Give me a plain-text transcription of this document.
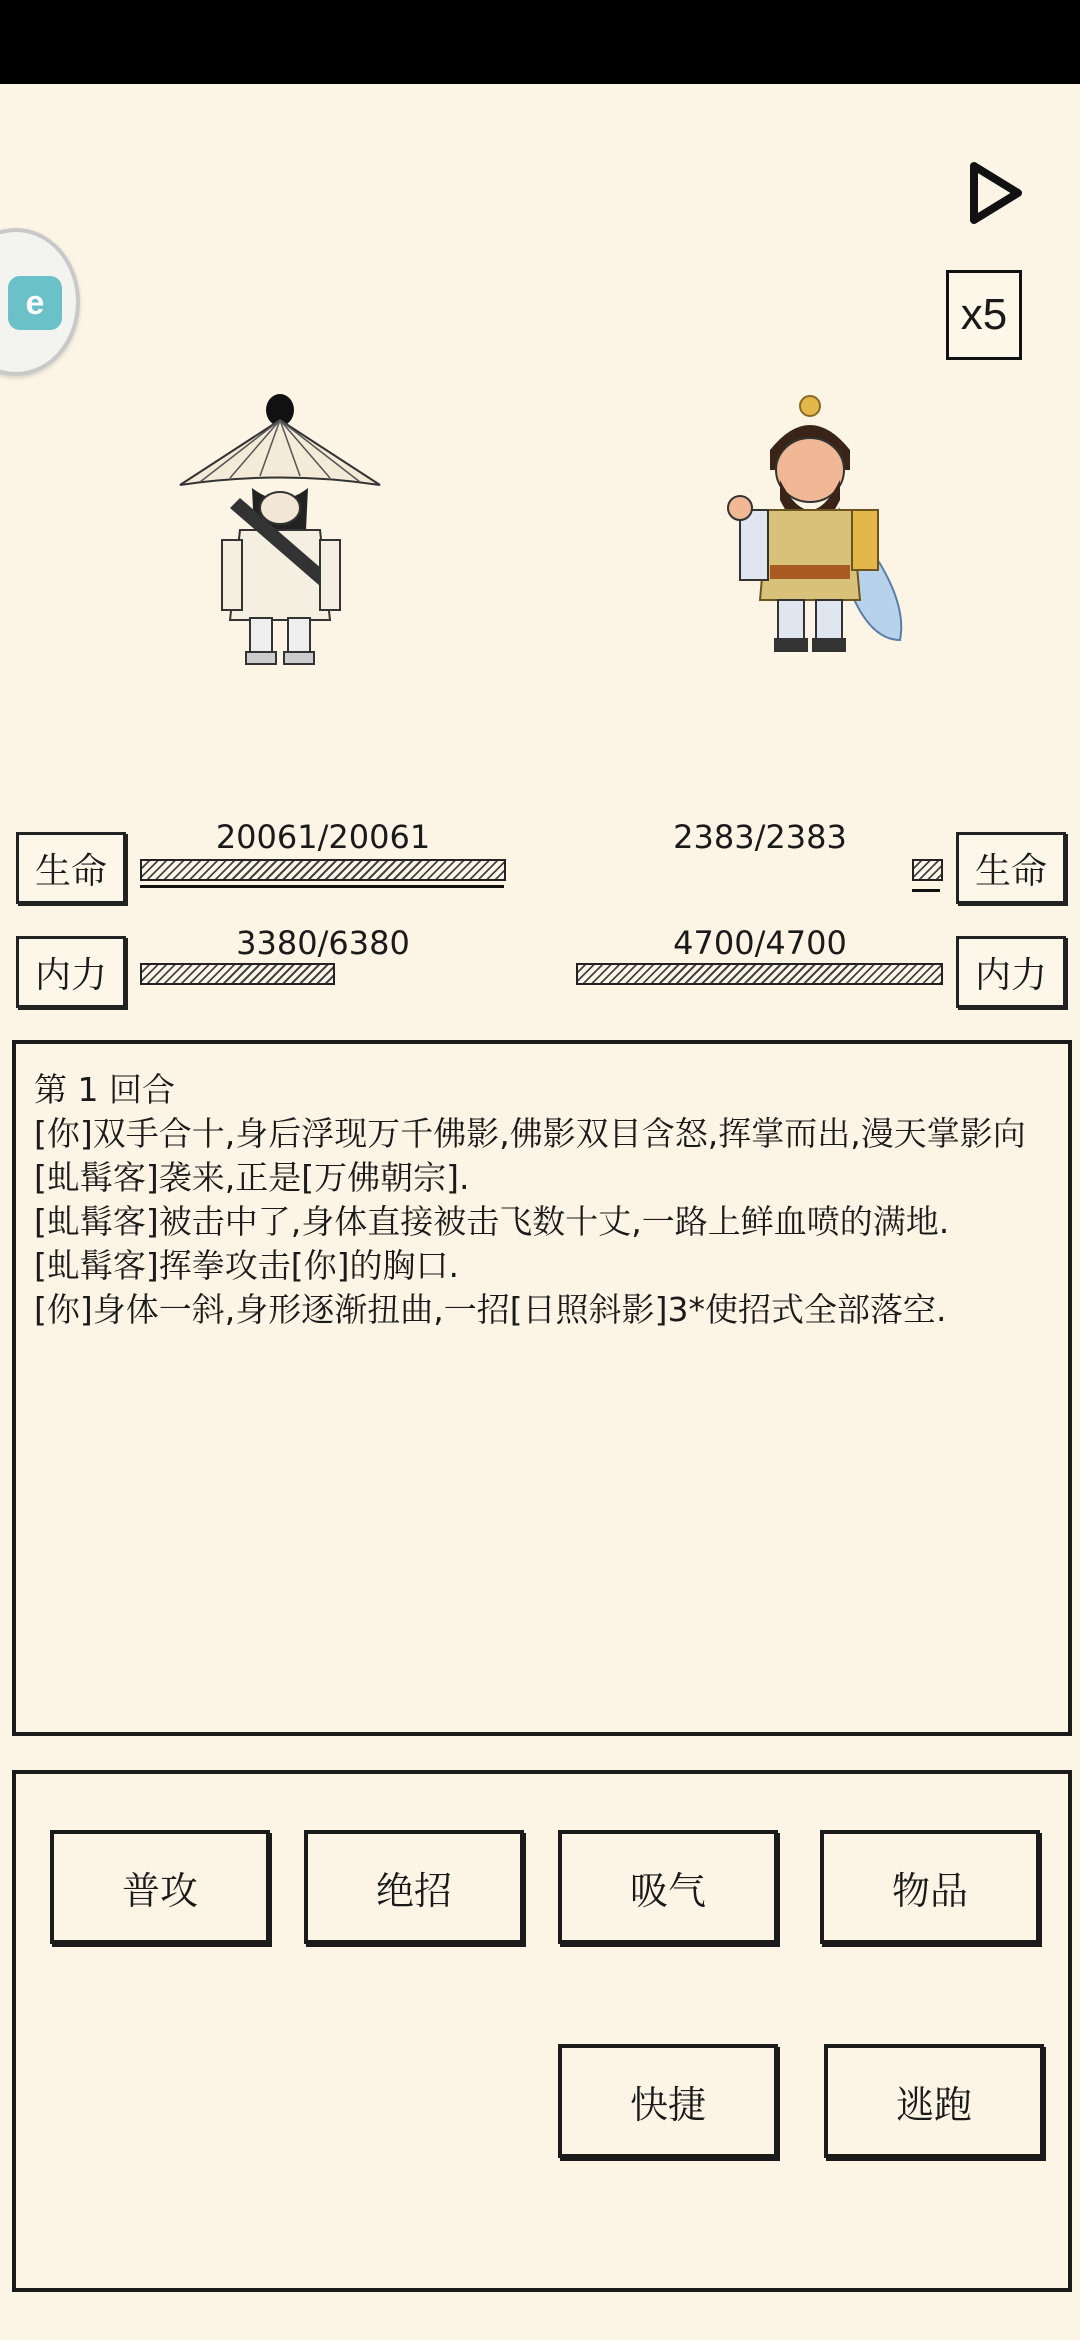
x5
e
生命
20061/20061
内力
3380/6380
生命
2383/2383
内力
4700/4700
第 1 回合
[你]双手合十,身后浮现万千佛影,佛影双目含怒,挥掌而出,漫天掌影向
[虬髯客]袭来,正是[万佛朝宗].
[虬髯客]被击中了,身体直接被击飞数十丈,一路上鲜血喷的满地.
[虬髯客]挥拳攻击[你]的胸口.
[你]身体一斜,身形逐渐扭曲,一招[日照斜影]3*使招式全部落空.
普攻	绝招	吸气	物品
快捷	逃跑
